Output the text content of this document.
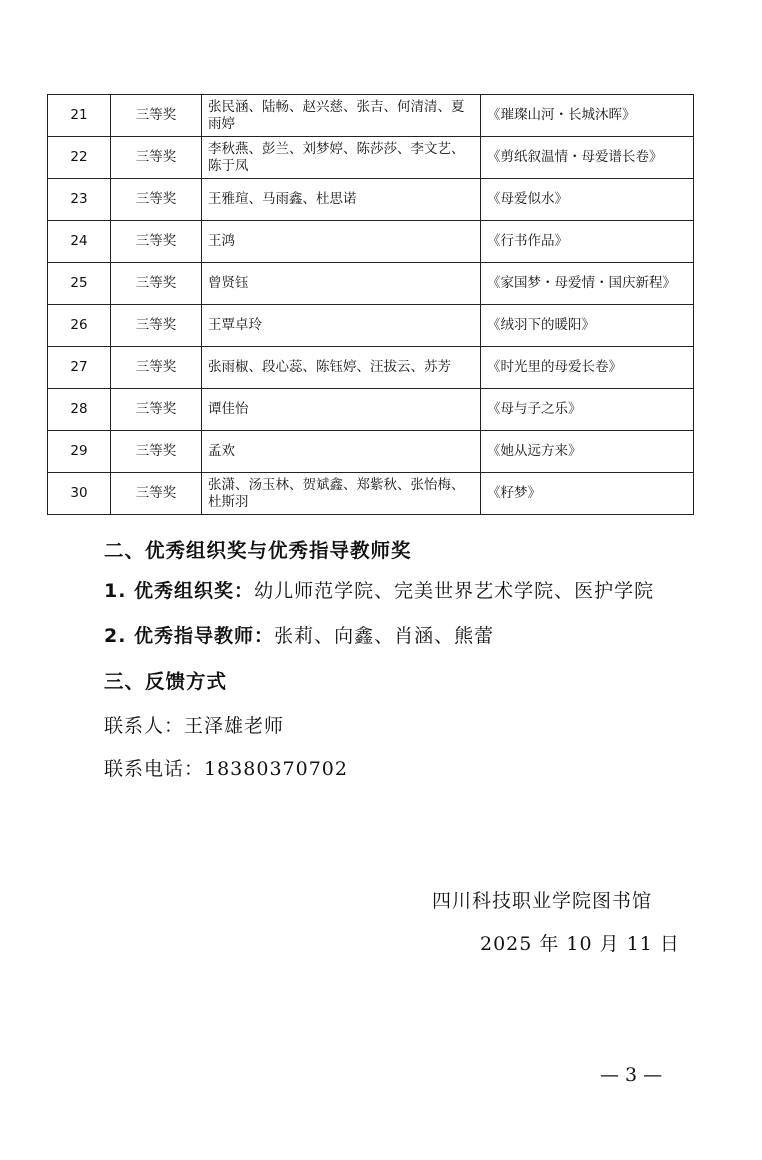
21	三等奖	张民涵、陆畅、赵兴慈、张吉、何清清、夏雨婷	《璀璨山河・长城沐晖》
22	三等奖	李秋燕、彭兰、刘梦婷、陈莎莎、李文艺、陈于凤	《剪纸叙温情・母爱谱长卷》
23	三等奖	王雅瑄、马雨鑫、杜思诺	《母爱似水》
24	三等奖	王鸿	《行书作品》
25	三等奖	曾贤钰	《家国梦・母爱情・国庆新程》
26	三等奖	王覃卓玲	《绒羽下的暖阳》
27	三等奖	张雨椒、段心蕊、陈钰婷、汪拔云、苏芳	《时光里的母爱长卷》
28	三等奖	谭佳怡	《母与子之乐》
29	三等奖	孟欢	《她从远方来》
30	三等奖	张潇、汤玉林、贺斌鑫、郑紫秋、张怡梅、杜斯羽	《籽梦》
二、优秀组织奖与优秀指导教师奖
1. 优秀组织奖：幼儿师范学院、完美世界艺术学院、医护学院
2. 优秀指导教师：张莉、向鑫、肖涵、熊蕾
三、反馈方式
联系人：王泽雄老师
联系电话：18380370702
四川科技职业学院图书馆
2025 年 10 月 11 日
— 3 —
